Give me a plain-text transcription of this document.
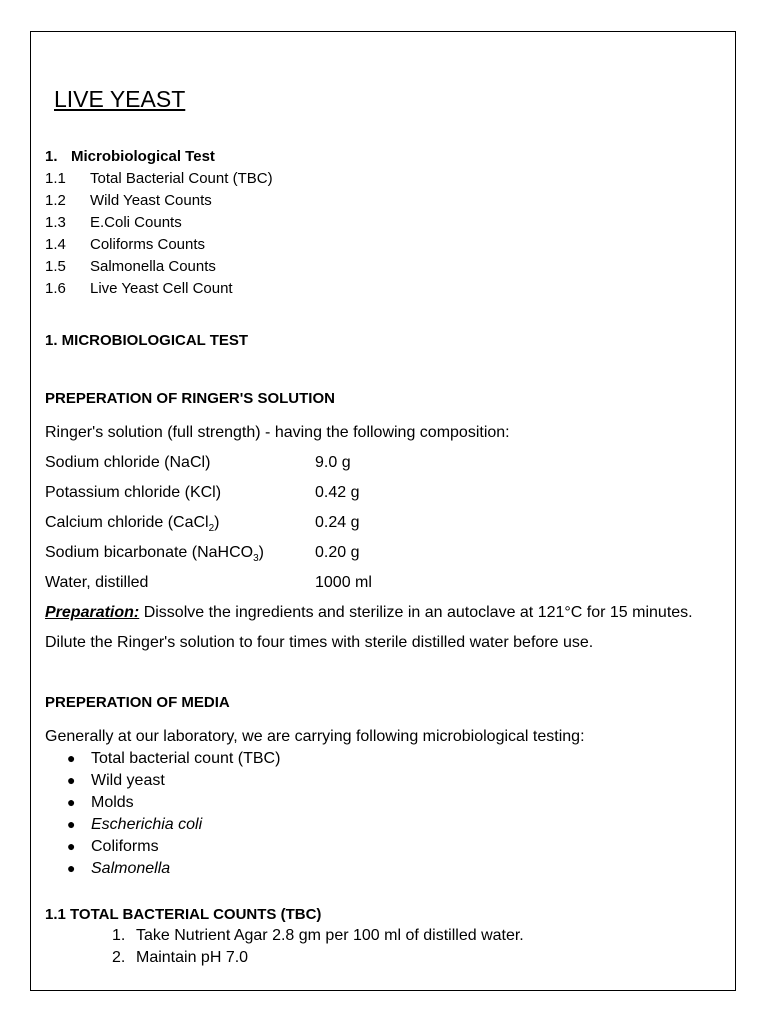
LIVE YEAST
1. Microbiological Test
1.1 Total Bacterial Count (TBC)
1.2 Wild Yeast Counts
1.3 E.Coli Counts
1.4 Coliforms Counts
1.5 Salmonella Counts
1.6 Live Yeast Cell Count
1. MICROBIOLOGICAL TEST
PREPERATION OF RINGER'S SOLUTION
Ringer's solution (full strength) - having the following composition:
Sodium chloride (NaCl)	9.0 g
Potassium chloride (KCl)	0.42 g
Calcium chloride (CaCl$_2$)	0.24 g
Sodium bicarbonate (NaHCO$_3$)	0.20 g
Water, distilled	1000 ml
Preparation: Dissolve the ingredients and sterilize in an autoclave at 121°C for 15 minutes.
Dilute the Ringer's solution to four times with sterile distilled water before use.
PREPERATION OF MEDIA
Generally at our laboratory, we are carrying following microbiological testing:
● Total bacterial count (TBC)
● Wild yeast
● Molds
● Escherichia coli
● Coliforms
● Salmonella
1.1 TOTAL BACTERIAL COUNTS (TBC)
1. Take Nutrient Agar 2.8 gm per 100 ml of distilled water.
2. Maintain pH 7.0
